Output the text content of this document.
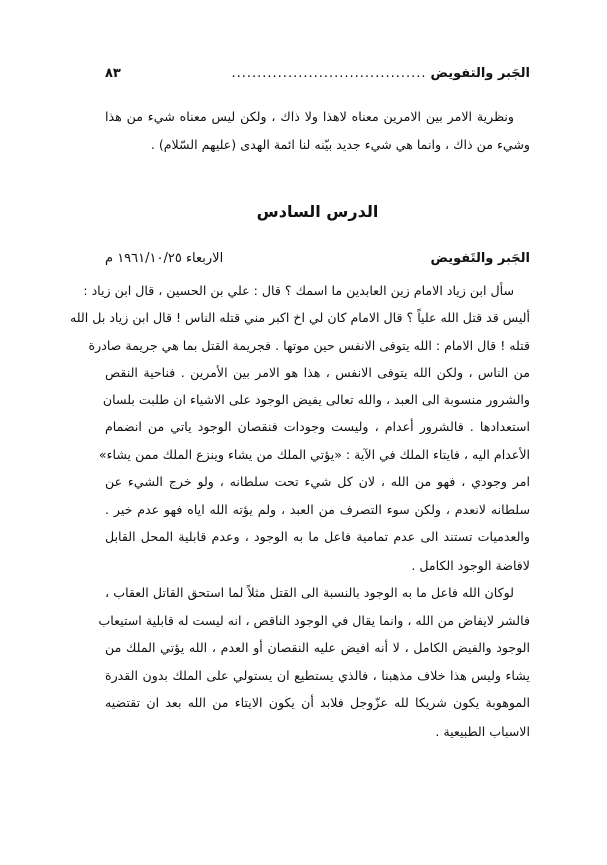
الجَبر والتفويض
......................................
٨٣
ونظرية الامر بين الامرين معناه لاهذا ولا ذاك ، ولكن ليس معناه شيء من هذا
وشيء من ذاك ، وانما هي شيء جديد بيّنه لنا ائمة الهدى (عليهم السّلام) .
الدرس السادس
الجَبر والتَفويض
الاربعاء ١٩٦١/١٠/٢٥ م
سأل ابن زياد الامام زين العابدين ما اسمك ؟ قال : علي بن الحسين ، قال ابن زياد :
أليس قد قتل الله علياً ؟ قال الامام كان لي اخ اكبر مني قتله الناس ! قال ابن زياد بل الله
قتله ! قال الامام : الله يتوفى الانفس حين موتها . فجريمة القتل بما هي جريمة صادرة
من الناس ، ولكن الله يتوفى الانفس ، هذا هو الامر بين الأمرين . فناحية النقص
والشرور منسوبة الى العبد ، والله تعالى يفيض الوجود على الاشياء ان طلبت بلسان
استعدادها . فالشرور أعدام ، وليست وجودات فنقصان الوجود ياتي من انضمام
الأعدام اليه ، فايتاء الملك في الآية : «يؤتي الملك من يشاء وينزع الملك ممن يشاء»
امر وجودي ، فهو من الله ، لان كل شيء تحت سلطانه ، ولو خرج الشيء عن
سلطانه لانعدم ، ولكن سوء التصرف من العبد ، ولم يؤته الله اياه فهو عدم خير .
والعدميات تستند الى عدم تمامية فاعل ما به الوجود ، وعدم قابلية المحل القابل
لافاضة الوجود الكامل .
لوكان الله فاعل ما به الوجود بالنسبة الى القتل مثلاً لما استحق القاتل العقاب ،
فالشر لايفاض من الله ، وانما يقال في الوجود الناقص ، انه ليست له قابلية استيعاب
الوجود والفيض الكامل ، لا أنه افيض عليه النقصان أو العدم ، الله يؤتي الملك من
يشاء وليس هذا خلاف مذهبنا ، فالذي يستطيع ان يستولي على الملك بدون القدرة
الموهوبة يكون شريكا لله عزّوجل فلابد أن يكون الايتاء من الله بعد ان تقتضيه
الاسباب الطبيعية .
